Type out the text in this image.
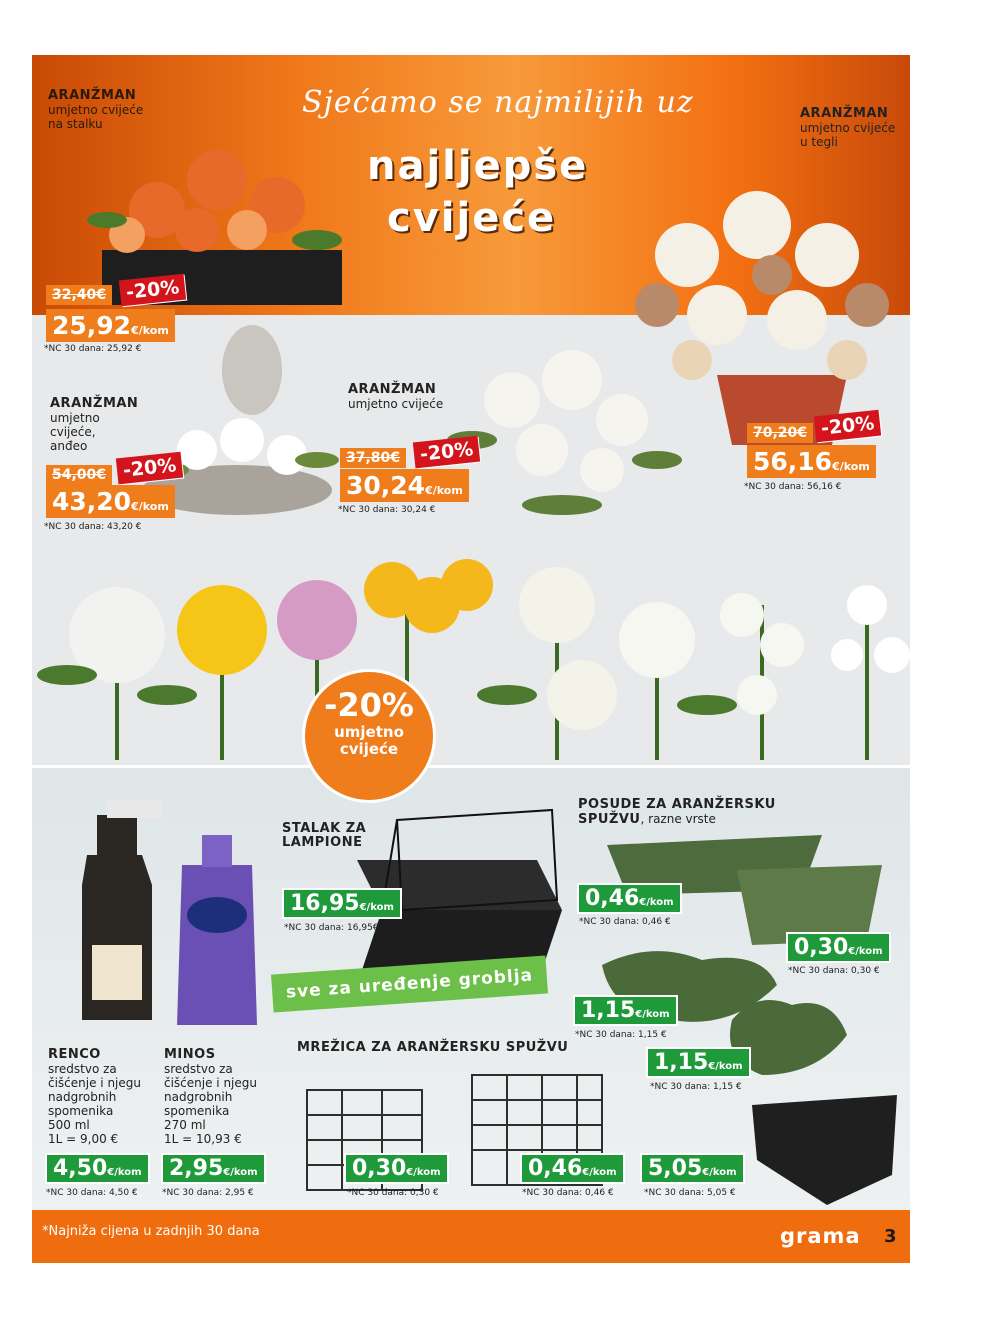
Sjećamo se najmilijih uz
najljepše
cvijeće
ARANŽMAN
umjetno cvijeće
na stalku
32,40€ -20%
25,92€/kom
*NC 30 dana: 25,92 €
ARANŽMAN
umjetno cvijeće
u tegli
70,20€ -20%
56,16€/kom
*NC 30 dana: 56,16 €
ARANŽMAN
umjetno
cvijeće,
anđeo
54,00€ -20%
43,20€/kom
*NC 30 dana: 43,20 €
ARANŽMAN
umjetno cvijeće
37,80€ -20%
30,24€/kom
*NC 30 dana: 30,24 €
-20%
umjetno
cvijeće
STALAK ZA
LAMPIONE
16,95€/kom
*NC 30 dana: 16,95€
POSUDE ZA ARANŽERSKU
SPUŽVU, razne vrste
0,46€/kom
*NC 30 dana: 0,46 €
0,30€/kom
*NC 30 dana: 0,30 €
1,15€/kom
*NC 30 dana: 1,15 €
1,15€/kom
*NC 30 dana: 1,15 €
RENCO
sredstvo za
čišćenje i njegu
nadgrobnih
spomenika
500 ml
1L = 9,00 €
4,50€/kom
*NC 30 dana: 4,50 €
MINOS
sredstvo za
čišćenje i njegu
nadgrobnih
spomenika
270 ml
1L = 10,93 €
2,95€/kom
*NC 30 dana: 2,95 €
MREŽICA ZA ARANŽERSKU SPUŽVU
0,30€/kom
*NC 30 dana: 0,30 €
0,46€/kom
*NC 30 dana: 0,46 €
5,05€/kom
*NC 30 dana: 5,05 €
sve za uređenje groblja
*Najniža cijena u zadnjih 30 dana	grama 3
